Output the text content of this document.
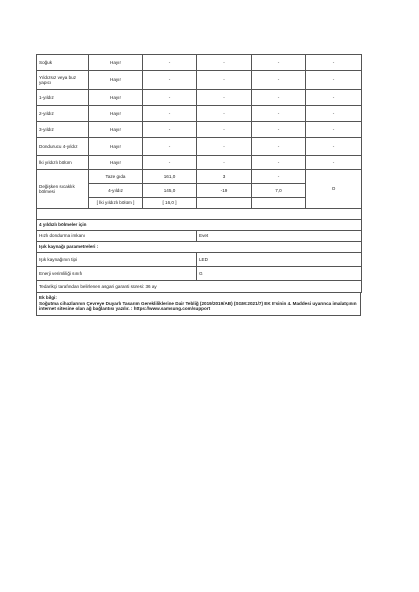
Soğuk	Hayır	-	-	-	-
Yıldızsız veya buz yapıcı	Hayır	-	-	-	-
1-yıldız	Hayır	-	-	-	-
2-yıldız	Hayır	-	-	-	-
3-yıldız	Hayır	-	-	-	-
Dondurucu 4-yıldız	Hayır	-	-	-	-
İki yıldızlı bölüm	Hayır	-	-	-	-
Değişken sıcaklık bölmesi	Taze gıda	161,0	3	-	O
	4-yıldız	145,0	-19	7,0	
	[ İki yıldızlı bölüm ]	[ 16,0 ]			

4 yıldızlı bölmeler için					
Hızlı dondurma imkanı			Evet		
Işık kaynağı parametreleri :					
Işık kaynağının tipi			LED		
Enerji verimliliği sınıfı			G		
Tedarikçi tarafından belirlenen asgari garanti süresi: 36 ay					
Ek bilgi:
Soğutma cihazlarının Çevreye Duyarlı Tasarım Gerekliliklerine Dair Tebliğ (2019/2019/AB) (SGM:2021/7) EK II'sinin 4. Maddesi uyarınca imalatçının internet sitesine olan ağ bağlantısı yazılır. : https://www.samsung.com/support
